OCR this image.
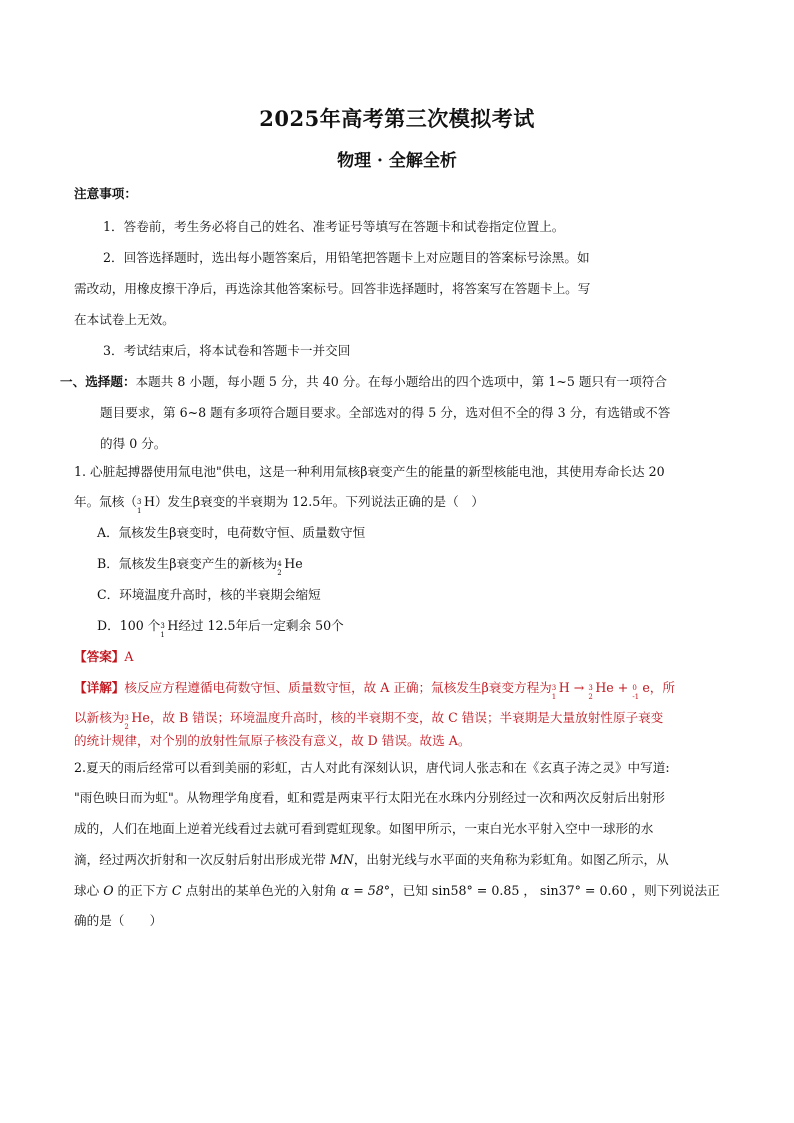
2025年高考第三次模拟考试
物理 · 全解全析
注意事项：
1．答卷前，考生务必将自己的姓名、准考证号等填写在答题卡和试卷指定位置上。
2．回答选择题时，选出每小题答案后，用铅笔把答题卡上对应题目的答案标号涂黑。如
需改动，用橡皮擦干净后，再选涂其他答案标号。回答非选择题时，将答案写在答题卡上。写
在本试卷上无效。
3．考试结束后，将本试卷和答题卡一并交回
一、选择题：本题共 8 小题，每小题 5 分，共 40 分。在每小题给出的四个选项中，第 1~5 题只有一项符合
题目要求，第 6~8 题有多项符合题目要求。全部选对的得 5 分，选对但不全的得 3 分，有选错或不答
的得 0 分。
1. 心脏起搏器使用氚电池"供电，这是一种利用氚核β衰变产生的能量的新型核能电池，其使用寿命长达 20
年。氚核（ 3
1
H）发生β衰变的半衰期为 12.5年。下列说法正确的是（　）
A．氚核发生β衰变时，电荷数守恒、质量数守恒
B．氚核发生β衰变产生的新核为 4
2
He
C．环境温度升高时，核的半衰期会缩短
D．100 个 3
1
H经过 12.5年后一定剩余 50个
【答案】A
【详解】核反应方程遵循电荷数守恒、质量数守恒，故 A 正确；氚核发生β衰变方程为 3
1
H → 3
2
He + 0
-1
e，所
以新核为 3
2
He，故 B 错误；环境温度升高时，核的半衰期不变，故 C 错误；半衰期是大量放射性原子衰变
的统计规律，对个别的放射性氚原子核没有意义，故 D 错误。故选 A。
2.夏天的雨后经常可以看到美丽的彩虹，古人对此有深刻认识，唐代词人张志和在《玄真子涛之灵》中写道:
"雨色映日而为虹"。从物理学角度看，虹和霓是两束平行太阳光在水珠内分别经过一次和两次反射后出射形
成的，人们在地面上逆着光线看过去就可看到霓虹现象。如图甲所示，一束白光水平射入空中一球形的水
滴，经过两次折射和一次反射后射出形成光带 MN，出射光线与水平面的夹角称为彩虹角。如图乙所示，从
球心 O 的正下方 C 点射出的某单色光的入射角 α = 58°，已知 sin58° = 0.85 ， sin37° = 0.60 ，则下列说法正
确的是（　　）
